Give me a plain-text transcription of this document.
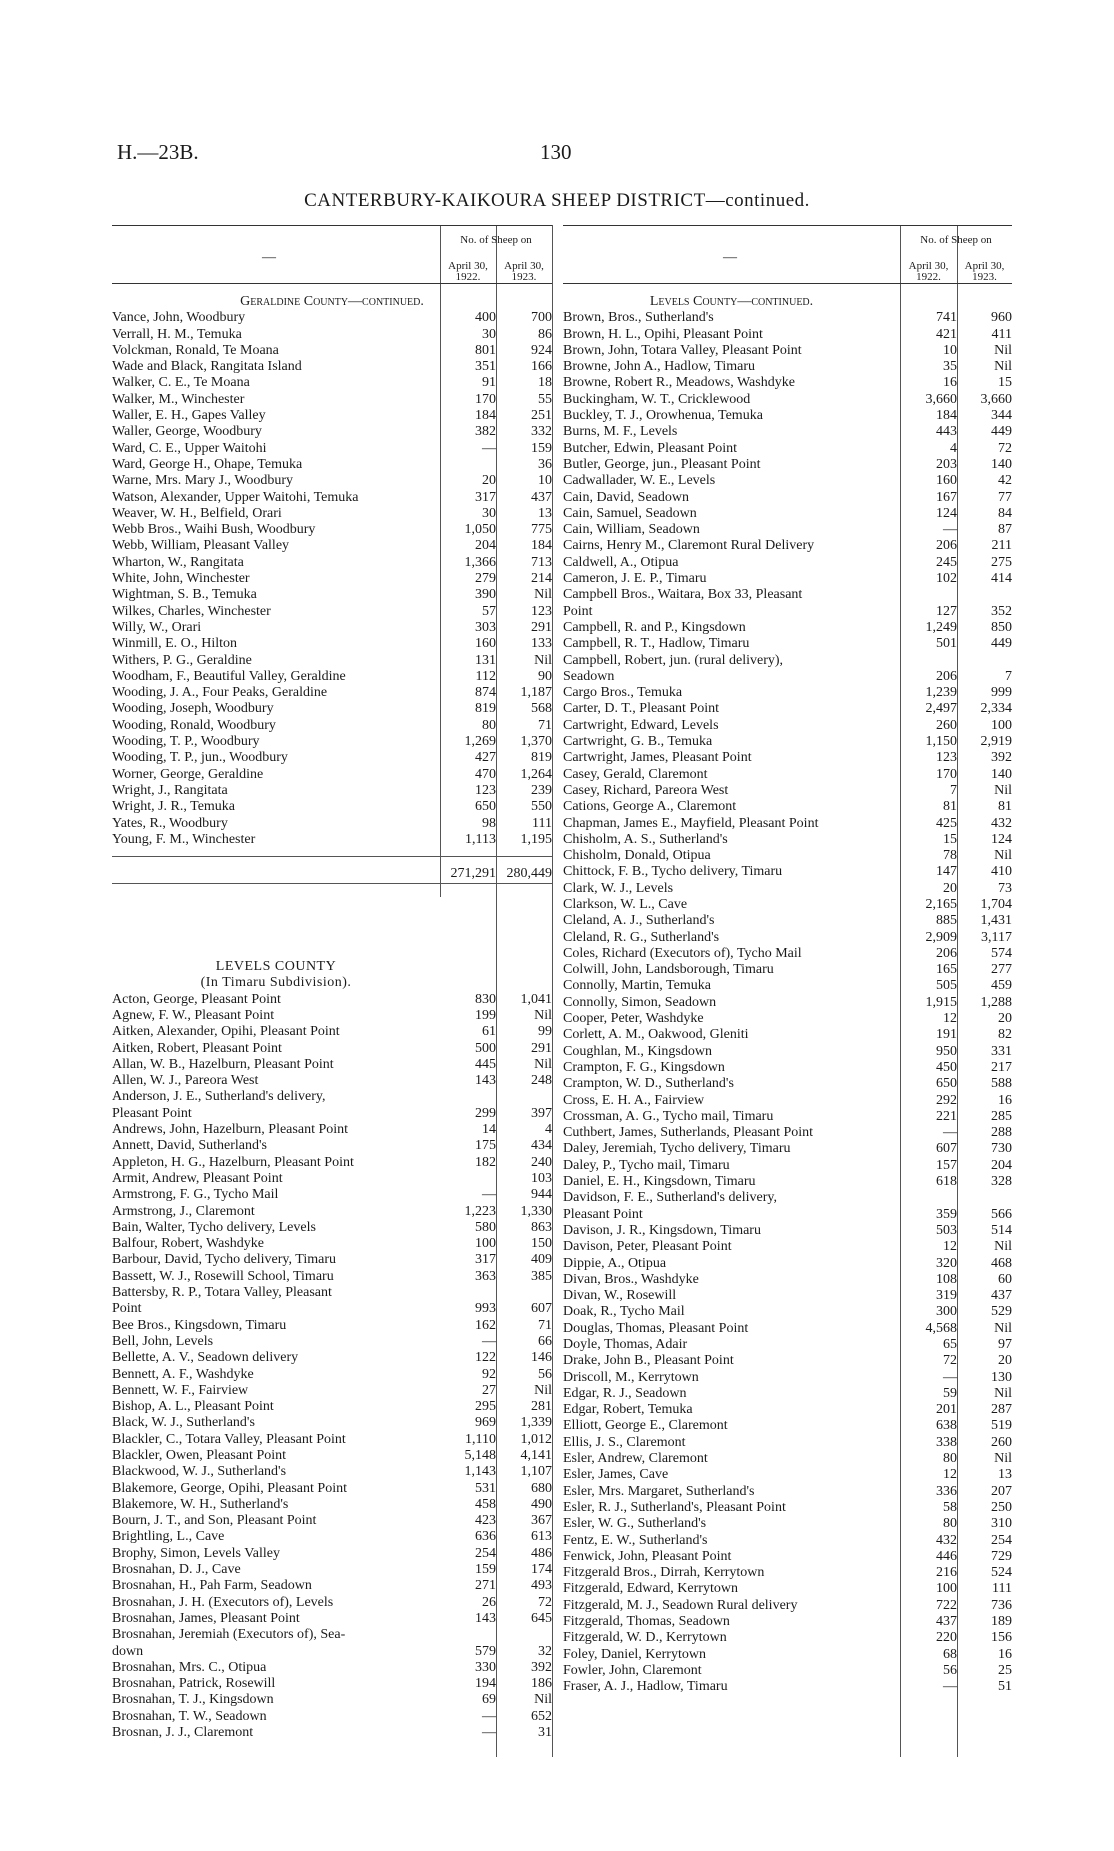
H.—23B.	130
CANTERBURY-KAIKOURA SHEEP DISTRICT—continued.
—
No. of Sheep on
April 30,
1922.
April 30,
1923.
Geraldine County—continued.		
Vance, John, Woodbury	400	700
Verrall, H. M., Temuka	30	86
Volckman, Ronald, Te Moana	801	924
Wade and Black, Rangitata Island	351	166
Walker, C. E., Te Moana	91	18
Walker, M., Winchester	170	55
Waller, E. H., Gapes Valley	184	251
Waller, George, Woodbury	382	332
Ward, C. E., Upper Waitohi	—	159
Ward, George H., Ohape, Temuka		36
Warne, Mrs. Mary J., Woodbury	20	10
Watson, Alexander, Upper Waitohi, Temuka	317	437
Weaver, W. H., Belfield, Orari	30	13
Webb Bros., Waihi Bush, Woodbury	1,050	775
Webb, William, Pleasant Valley	204	184
Wharton, W., Rangitata	1,366	713
White, John, Winchester	279	214
Wightman, S. B., Temuka	390	Nil
Wilkes, Charles, Winchester	57	123
Willy, W., Orari	303	291
Winmill, E. O., Hilton	160	133
Withers, P. G., Geraldine	131	Nil
Woodham, F., Beautiful Valley, Geraldine	112	90
Wooding, J. A., Four Peaks, Geraldine	874	1,187
Wooding, Joseph, Woodbury	819	568
Wooding, Ronald, Woodbury	80	71
Wooding, T. P., Woodbury	1,269	1,370
Wooding, T. P., jun., Woodbury	427	819
Worner, George, Geraldine	470	1,264
Wright, J., Rangitata	123	239
Wright, J. R., Temuka	650	550
Yates, R., Woodbury	98	111
Young, F. M., Winchester	1,113	1,195

	271,291	280,449

LEVELS COUNTY		
(In Timaru Subdivision).		
Acton, George, Pleasant Point	830	1,041
Agnew, F. W., Pleasant Point	199	Nil
Aitken, Alexander, Opihi, Pleasant Point	61	99
Aitken, Robert, Pleasant Point	500	291
Allan, W. B., Hazelburn, Pleasant Point	445	Nil
Allen, W. J., Pareora West	143	248
Anderson, J. E., Sutherland's delivery,		
Pleasant Point	299	397
Andrews, John, Hazelburn, Pleasant Point	14	4
Annett, David, Sutherland's	175	434
Appleton, H. G., Hazelburn, Pleasant Point	182	240
Armit, Andrew, Pleasant Point		103
Armstrong, F. G., Tycho Mail	—	944
Armstrong, J., Claremont	1,223	1,330
Bain, Walter, Tycho delivery, Levels	580	863
Balfour, Robert, Washdyke	100	150
Barbour, David, Tycho delivery, Timaru	317	409
Bassett, W. J., Rosewill School, Timaru	363	385
Battersby, R. P., Totara Valley, Pleasant		
Point	993	607
Bee Bros., Kingsdown, Timaru	162	71
Bell, John, Levels	—	66
Bellette, A. V., Seadown delivery	122	146
Bennett, A. F., Washdyke	92	56
Bennett, W. F., Fairview	27	Nil
Bishop, A. L., Pleasant Point	295	281
Black, W. J., Sutherland's	969	1,339
Blackler, C., Totara Valley, Pleasant Point	1,110	1,012
Blackler, Owen, Pleasant Point	5,148	4,141
Blackwood, W. J., Sutherland's	1,143	1,107
Blakemore, George, Opihi, Pleasant Point	531	680
Blakemore, W. H., Sutherland's	458	490
Bourn, J. T., and Son, Pleasant Point	423	367
Brightling, L., Cave	636	613
Brophy, Simon, Levels Valley	254	486
Brosnahan, D. J., Cave	159	174
Brosnahan, H., Pah Farm, Seadown	271	493
Brosnahan, J. H. (Executors of), Levels	26	72
Brosnahan, James, Pleasant Point	143	645
Brosnahan, Jeremiah (Executors of), Sea-		
down	579	32
Brosnahan, Mrs. C., Otipua	330	392
Brosnahan, Patrick, Rosewill	194	186
Brosnahan, T. J., Kingsdown	69	Nil
Brosnahan, T. W., Seadown	—	652
Brosnan, J. J., Claremont	—	31
—
No. of Sheep on
April 30,
1922.
April 30,
1923.
Levels County—continued.		
Brown, Bros., Sutherland's	741	960
Brown, H. L., Opihi, Pleasant Point	421	411
Brown, John, Totara Valley, Pleasant Point	10	Nil
Browne, John A., Hadlow, Timaru	35	Nil
Browne, Robert R., Meadows, Washdyke	16	15
Buckingham, W. T., Cricklewood	3,660	3,660
Buckley, T. J., Orowhenua, Temuka	184	344
Burns, M. F., Levels	443	449
Butcher, Edwin, Pleasant Point	4	72
Butler, George, jun., Pleasant Point	203	140
Cadwallader, W. E., Levels	160	42
Cain, David, Seadown	167	77
Cain, Samuel, Seadown	124	84
Cain, William, Seadown	—	87
Cairns, Henry M., Claremont Rural Delivery	206	211
Caldwell, A., Otipua	245	275
Cameron, J. E. P., Timaru	102	414
Campbell Bros., Waitara, Box 33, Pleasant		
Point	127	352
Campbell, R. and P., Kingsdown	1,249	850
Campbell, R. T., Hadlow, Timaru	501	449
Campbell, Robert, jun. (rural delivery),		
Seadown	206	7
Cargo Bros., Temuka	1,239	999
Carter, D. T., Pleasant Point	2,497	2,334
Cartwright, Edward, Levels	260	100
Cartwright, G. B., Temuka	1,150	2,919
Cartwright, James, Pleasant Point	123	392
Casey, Gerald, Claremont	170	140
Casey, Richard, Pareora West	7	Nil
Cations, George A., Claremont	81	81
Chapman, James E., Mayfield, Pleasant Point	425	432
Chisholm, A. S., Sutherland's	15	124
Chisholm, Donald, Otipua	78	Nil
Chittock, F. B., Tycho delivery, Timaru	147	410
Clark, W. J., Levels	20	73
Clarkson, W. L., Cave	2,165	1,704
Cleland, A. J., Sutherland's	885	1,431
Cleland, R. G., Sutherland's	2,909	3,117
Coles, Richard (Executors of), Tycho Mail	206	574
Colwill, John, Landsborough, Timaru	165	277
Connolly, Martin, Temuka	505	459
Connolly, Simon, Seadown	1,915	1,288
Cooper, Peter, Washdyke	12	20
Corlett, A. M., Oakwood, Gleniti	191	82
Coughlan, M., Kingsdown	950	331
Crampton, F. G., Kingsdown	450	217
Crampton, W. D., Sutherland's	650	588
Cross, E. H. A., Fairview	292	16
Crossman, A. G., Tycho mail, Timaru	221	285
Cuthbert, James, Sutherlands, Pleasant Point	—	288
Daley, Jeremiah, Tycho delivery, Timaru	607	730
Daley, P., Tycho mail, Timaru	157	204
Daniel, E. H., Kingsdown, Timaru	618	328
Davidson, F. E., Sutherland's delivery,		
Pleasant Point	359	566
Davison, J. R., Kingsdown, Timaru	503	514
Davison, Peter, Pleasant Point	12	Nil
Dippie, A., Otipua	320	468
Divan, Bros., Washdyke	108	60
Divan, W., Rosewill	319	437
Doak, R., Tycho Mail	300	529
Douglas, Thomas, Pleasant Point	4,568	Nil
Doyle, Thomas, Adair	65	97
Drake, John B., Pleasant Point	72	20
Driscoll, M., Kerrytown	—	130
Edgar, R. J., Seadown	59	Nil
Edgar, Robert, Temuka	201	287
Elliott, George E., Claremont	638	519
Ellis, J. S., Claremont	338	260
Esler, Andrew, Claremont	80	Nil
Esler, James, Cave	12	13
Esler, Mrs. Margaret, Sutherland's	336	207
Esler, R. J., Sutherland's, Pleasant Point	58	250
Esler, W. G., Sutherland's	80	310
Fentz, E. W., Sutherland's	432	254
Fenwick, John, Pleasant Point	446	729
Fitzgerald Bros., Dirrah, Kerrytown	216	524
Fitzgerald, Edward, Kerrytown	100	111
Fitzgerald, M. J., Seadown Rural delivery	722	736
Fitzgerald, Thomas, Seadown	437	189
Fitzgerald, W. D., Kerrytown	220	156
Foley, Daniel, Kerrytown	68	16
Fowler, John, Claremont	56	25
Fraser, A. J., Hadlow, Timaru	—	51
